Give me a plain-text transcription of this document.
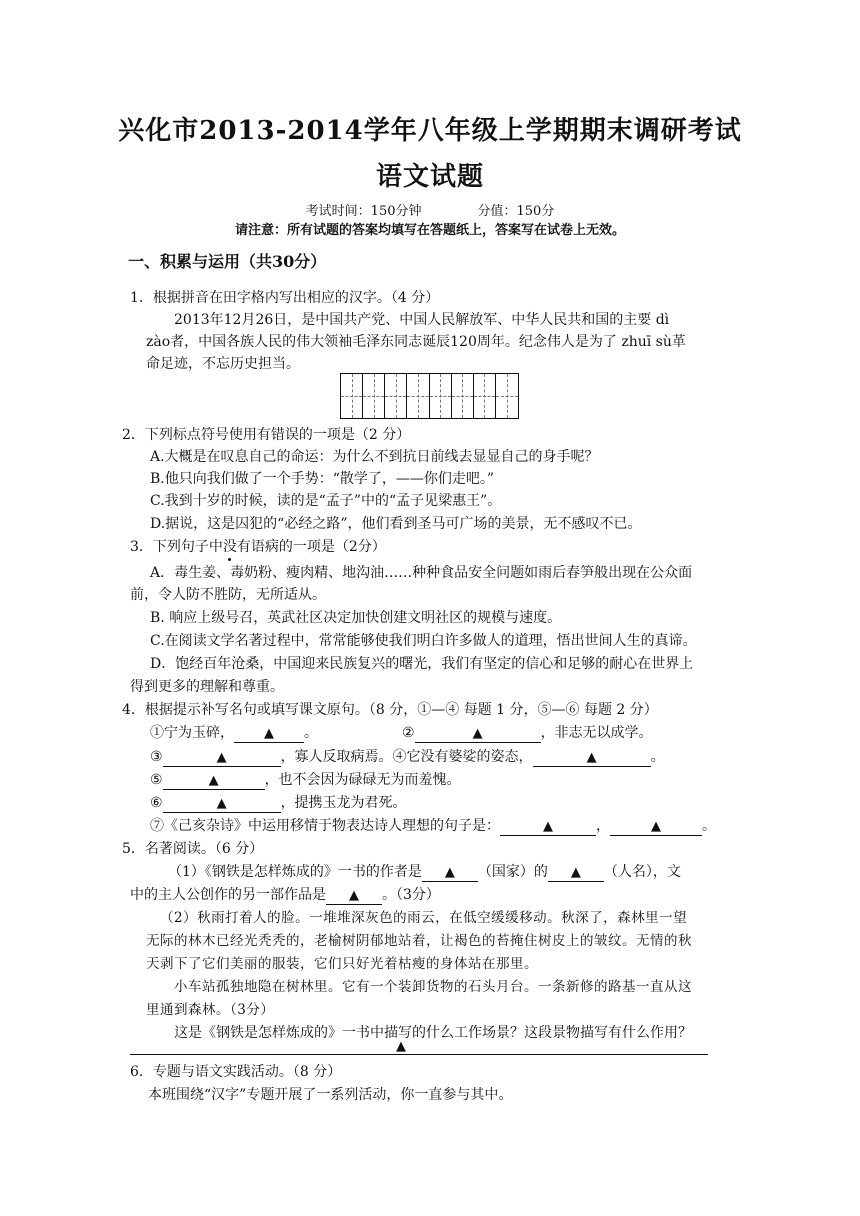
兴化市2013-2014学年八年级上学期期末调研考试
语文试题
考试时间：150分钟	分值：150分
请注意：所有试题的答案均填写在答题纸上，答案写在试卷上无效。
一、积累与运用（共30分）
1．根据拼音在田字格内写出相应的汉字。（4 分）
2013年12月26日，是中国共产党、中国人民解放军、中华人民共和国的主要 dì
zào者，中国各族人民的伟大领袖毛泽东同志诞辰120周年。纪念伟人是为了 zhuī sù革
命足迹，不忘历史担当。
2．下列标点符号使用有错误的一项是（2 分）
A.大概是在叹息自己的命运：为什么不到抗日前线去显显自己的身手呢？
B.他只向我们做了一个手势：“散学了，——你们走吧。”
C.我到十岁的时候，读的是“孟子”中的“孟子见梁惠王”。
D.据说，这是囚犯的“必经之路”，他们看到圣马可广场的美景，无不感叹不已。
3．下列句子中没有语病的一项是（2分）
A．毒生姜、毒奶粉、瘦肉精、地沟油……种种食品安全问题如雨后春笋般出现在公众面
前，令人防不胜防，无所适从。
B. 响应上级号召，英武社区决定加快创建文明社区的规模与速度。
C.在阅读文学名著过程中，常常能够使我们明白许多做人的道理，悟出世间人生的真谛。
D．饱经百年沧桑，中国迎来民族复兴的曙光，我们有坚定的信心和足够的耐心在世界上
得到更多的理解和尊重。
4．根据提示补写名句或填写课文原句。（8 分，①—④ 每题 1 分，⑤—⑥ 每题 2 分）
①宁为玉碎， ▲ 。	②	▲	，非志无以成学。
③	▲	，寡人反取病焉。④它没有婆娑的姿态，	▲	。
⑤	▲	，也不会因为碌碌无为而羞愧。
⑥	▲	，提携玉龙为君死。
⑦《己亥杂诗》中运用移情于物表达诗人理想的句子是：	▲	，	▲	。
5．名著阅读。（6 分）
（1）《钢铁是怎样炼成的》一书的作者是 ▲ （国家）的 ▲ （人名），文
中的主人公创作的另一部作品是 ▲ 。（3分）
（2）秋雨打着人的脸。一堆堆深灰色的雨云，在低空缓缓移动。秋深了，森林里一望
无际的林木已经光秃秃的，老榆树阴郁地站着，让褐色的苔掩住树皮上的皱纹。无情的秋
天剥下了它们美丽的服装，它们只好光着枯瘦的身体站在那里。
小车站孤独地隐在树林里。它有一个装卸货物的石头月台。一条新修的路基一直从这
里通到森林。（3分）
这是《钢铁是怎样炼成的》一书中描写的什么工作场景？这段景物描写有什么作用？
▲
6．专题与语文实践活动。（8 分）
本班围绕“汉字”专题开展了一系列活动，你一直参与其中。
